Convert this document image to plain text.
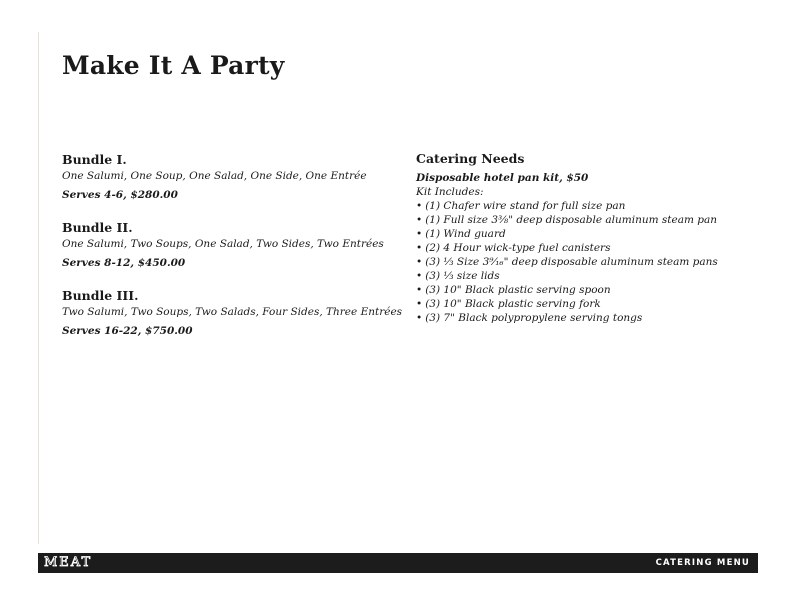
Make It A Party
Bundle I.
One Salumi, One Soup, One Salad, One Side, One Entrée
Serves 4-6, $280.00
Bundle II.
One Salumi, Two Soups, One Salad, Two Sides, Two Entrées
Serves 8-12, $450.00
Bundle III.
Two Salumi, Two Soups, Two Salads, Four Sides, Three Entrées
Serves 16-22, $750.00
Catering Needs
Disposable hotel pan kit, $50
Kit Includes:
• (1) Chafer wire stand for full size pan
• (1) Full size 3⅜" deep disposable aluminum steam pan
• (1) Wind guard
• (2) 4 Hour wick-type fuel canisters
• (3) ⅓ Size 3⁹⁄₁₆" deep disposable aluminum steam pans
• (3) ⅓ size lids
• (3) 10" Black plastic serving spoon
• (3) 10" Black plastic serving fork
• (3) 7" Black polypropylene serving tongs
MEAT	CATERING MENU
